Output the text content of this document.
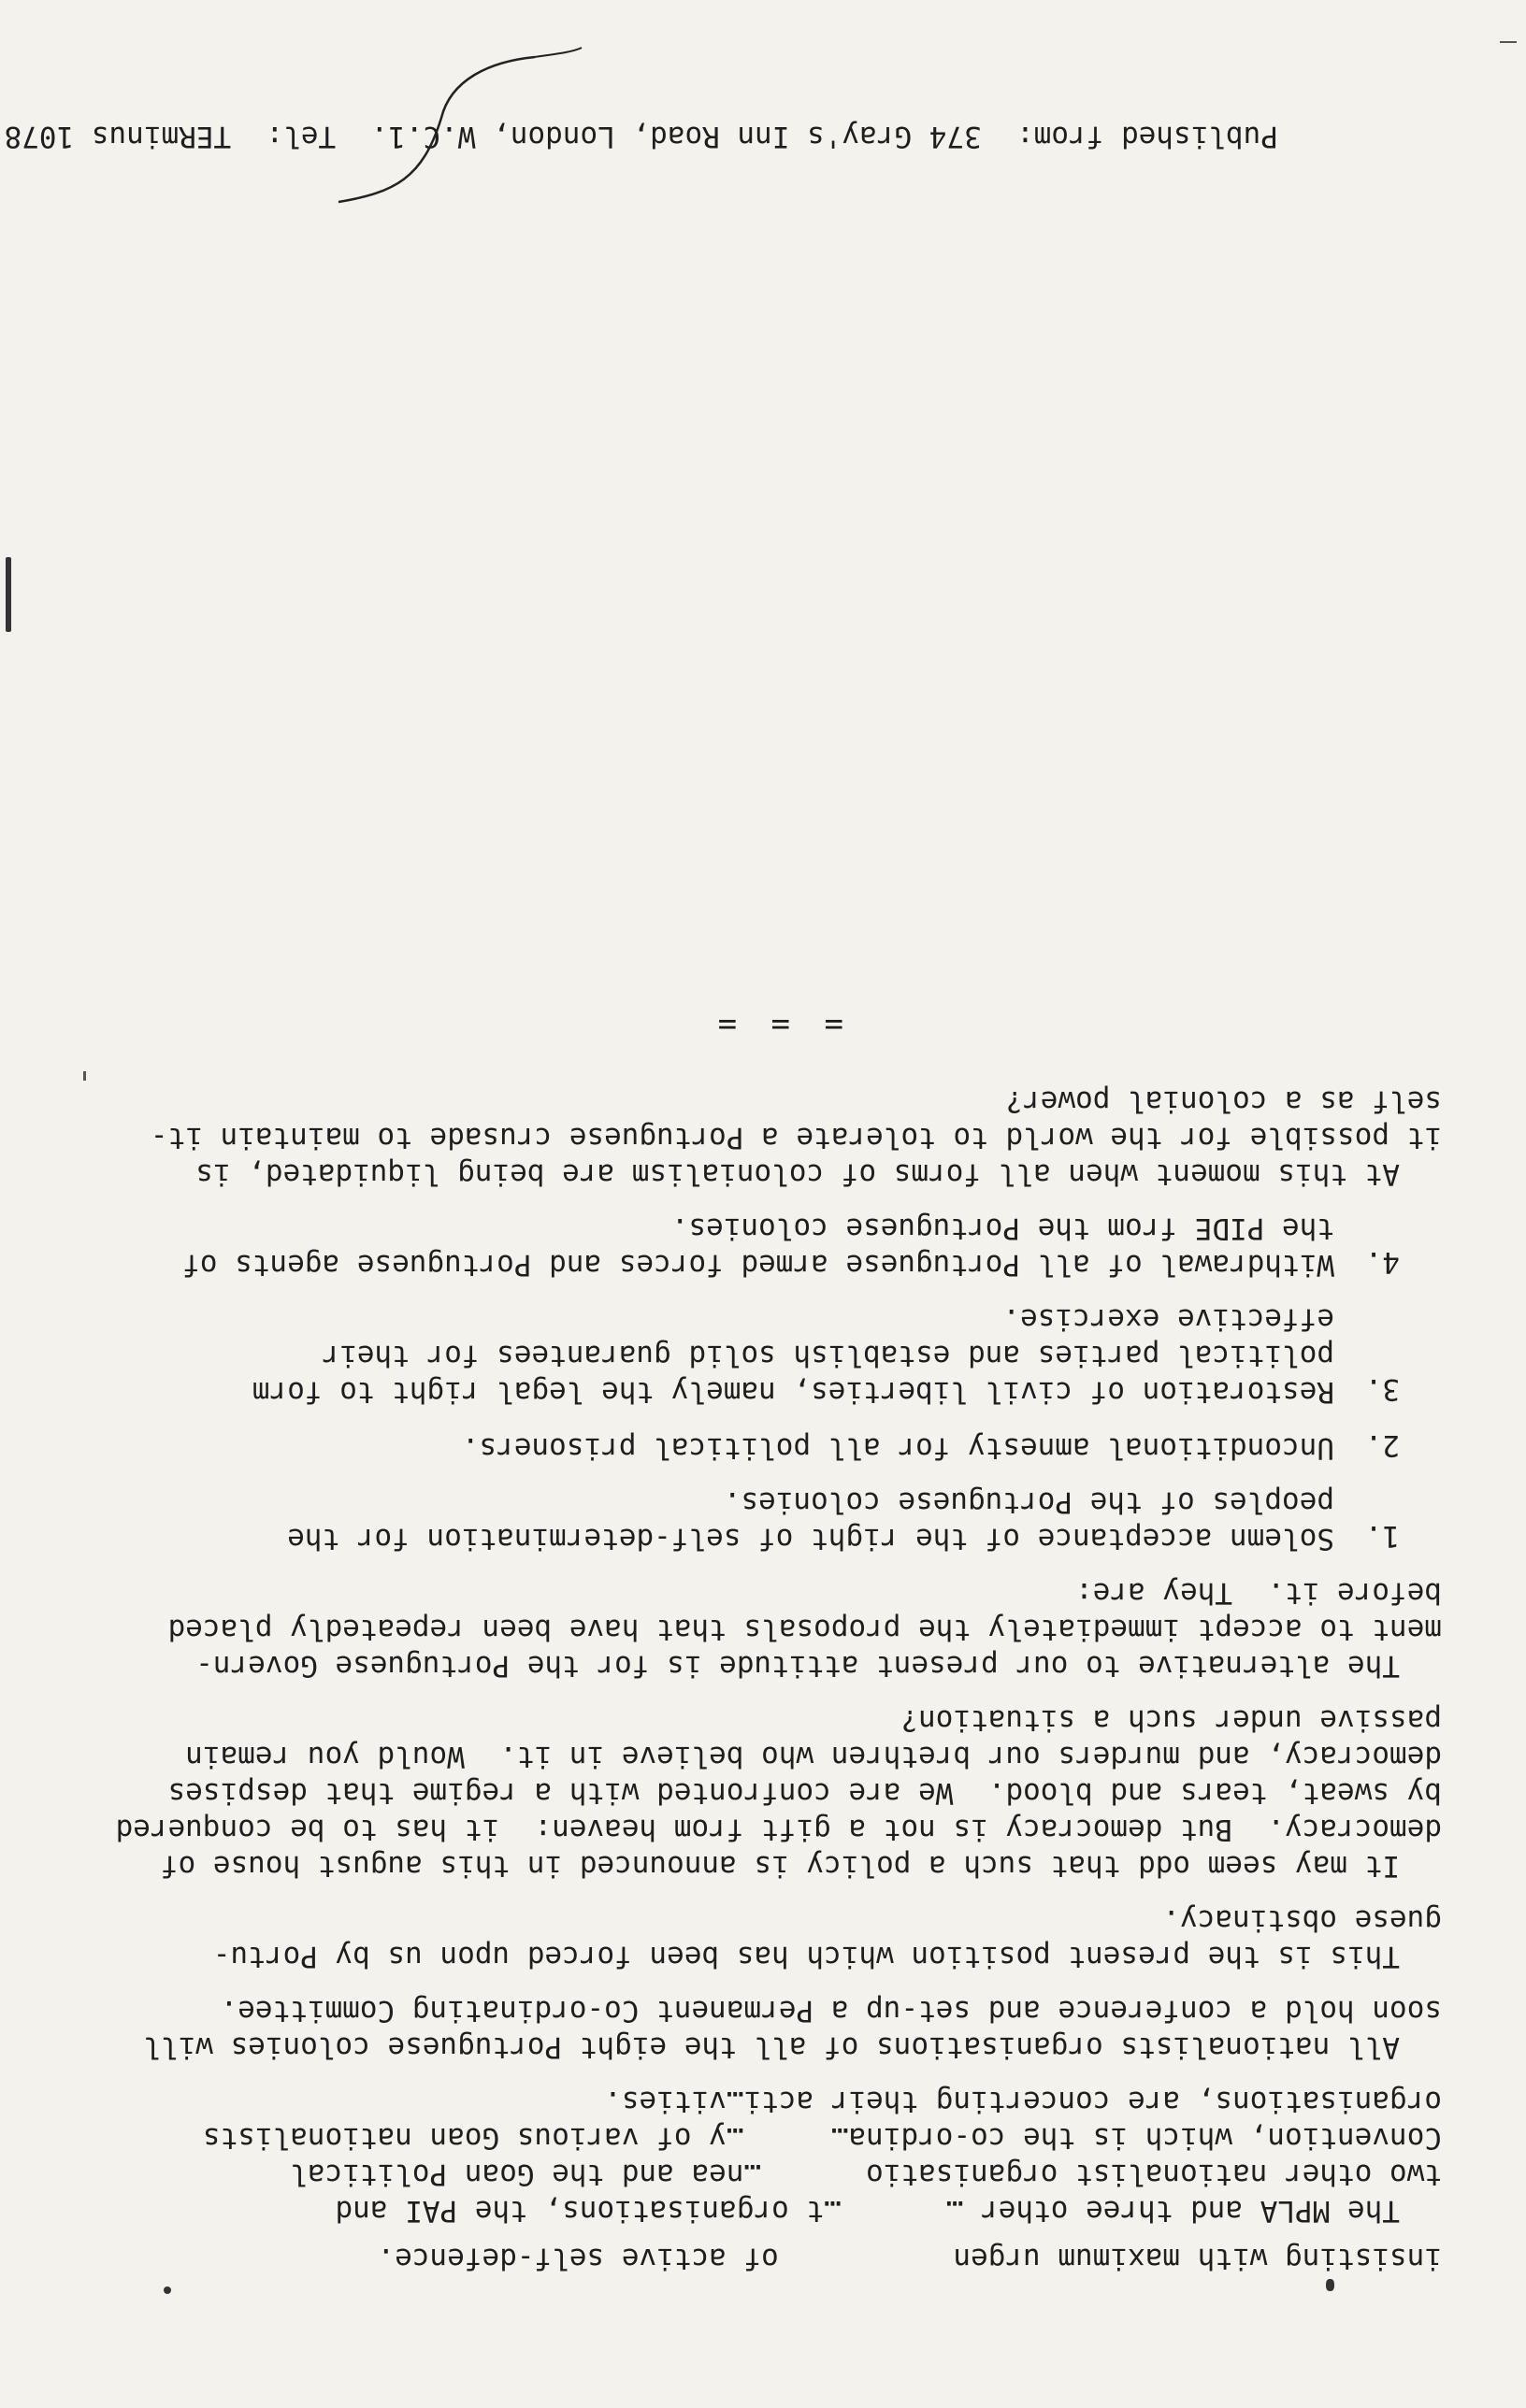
insisting with maximum urgen          of active self-defence.
The MPLA and three other …      …t organisations, the PAI and
two other nationalist organisatio      …nea and the Goan Political
Convention, which is the co-ordina…     …y of various Goan nationalists
organisations, are concerting their acti…vities.
All nationalists organisations of all the eight Portuguese colonies will
soon hold a conference and set-up a Permanent Co-ordinating Committee.
This is the present position which has been forced upon us by Portu-
guese obstinacy.
It may seem odd that such a policy is announced in this august house of
democracy.  But democracy is not a gift from heaven:  it has to be conquered
by sweat, tears and blood.  We are confronted with a regime that despises
democracy, and murders our brethren who believe in it.  Would you remain
passive under such a situation?
The alternative to our present attitude is for the Portuguese Govern-
ment to accept immediately the proposals that have been repeatedly placed
before it.  They are:
1.
Solemn acceptance of the right of self-determination for the
peoples of the Portuguese colonies.
2.
Unconditional amnesty for all political prisoners.
3.
Restoration of civil liberties, namely the legal right to form
political parties and establish solid guarantees for their
effective exercise.
4.
Withdrawal of all Portuguese armed forces and Portuguese agents of
the PIDE from the Portuguese colonies.
At this moment when all forms of colonialism are being liquidated, is
it possible for the world to tolerate a Portuguese crusade to maintain it-
self as a colonial power?
= = =
Published from:  374 Gray's Inn Road, London, W.C.1.  Tel:  TERminus 1078
